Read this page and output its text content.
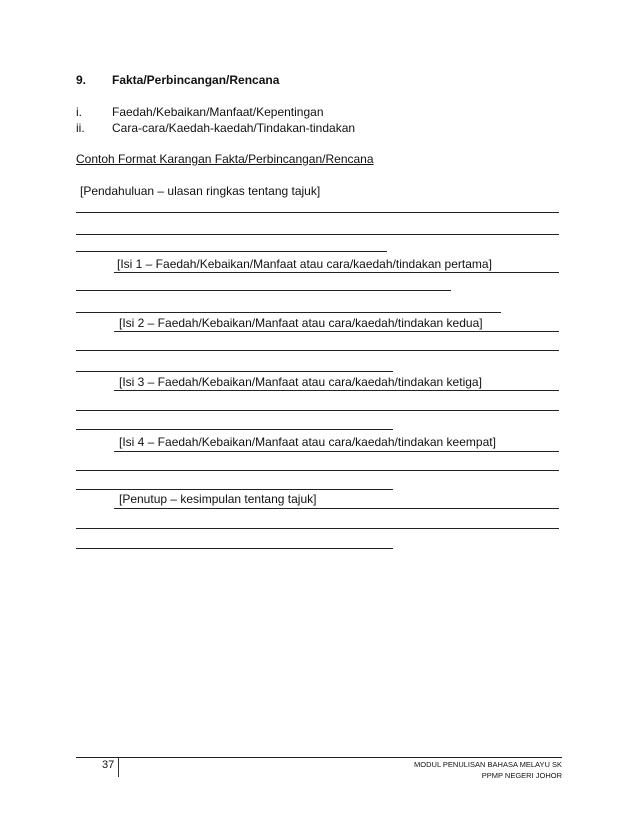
9. Fakta/Perbincangan/Rencana
i.	Faedah/Kebaikan/Manfaat/Kepentingan
ii. Cara-cara/Kaedah-kaedah/Tindakan-tindakan
Contoh Format Karangan Fakta/Perbincangan/Rencana
[Pendahuluan – ulasan ringkas tentang tajuk]
[Isi 1 – Faedah/Kebaikan/Manfaat atau cara/kaedah/tindakan pertama]
[Isi 2 – Faedah/Kebaikan/Manfaat atau cara/kaedah/tindakan kedua]
[Isi 3 – Faedah/Kebaikan/Manfaat atau cara/kaedah/tindakan ketiga]
[Isi 4 – Faedah/Kebaikan/Manfaat atau cara/kaedah/tindakan keempat]
[Penutup – kesimpulan tentang tajuk]
37	MODUL PENULISAN BAHASA MELAYU SK
PPMP NEGERI JOHOR
